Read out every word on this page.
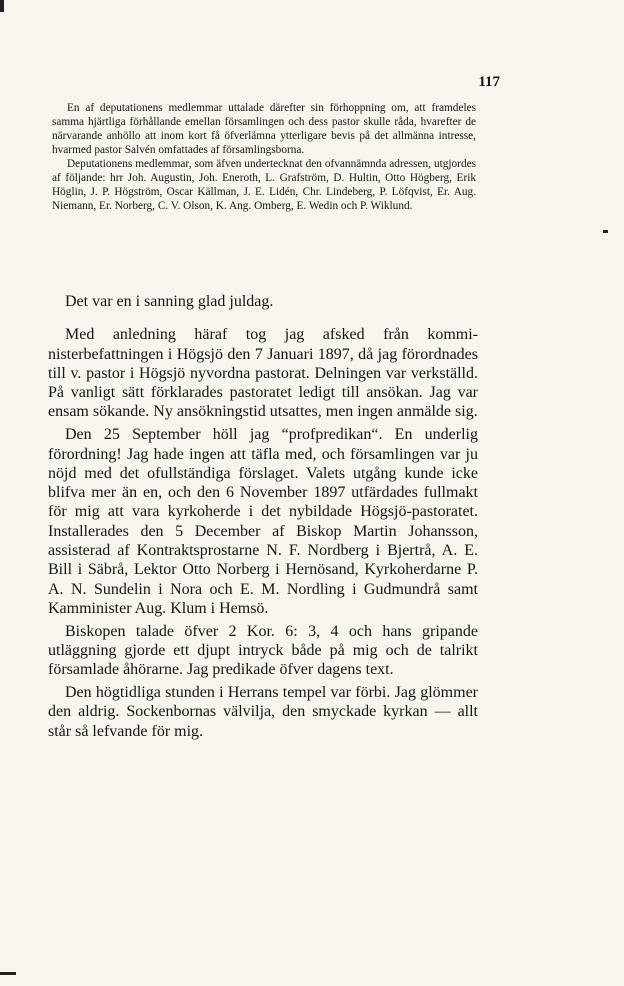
117

En af deputationens medlemmar uttalade därefter sin förhoppning om, att framdeles samma hjärtliga förhållande emellan församlingen och dess pastor skulle råda, hvarefter de närvarande anhöllo att inom kort få öfverlämna ytterligare bevis på det allmänna intresse, hvarmed pastor Salvén omfattades af församlingsborna.

Deputationens medlemmar, som äfven undertecknat den ofvannämnda adressen, utgjordes af följande: hrr Joh. Augustin, Joh. Eneroth, L. Grafström, D. Hultin, Otto Högberg, Erik Höglin, J. P. Högström, Oscar Källman, J. E. Lidén, Chr. Lindeberg, P. Löfqvist, Er. Aug. Niemann, Er. Norberg, C. V. Olson, K. Ang. Omberg, E. Wedin och P. Wiklund.

Det var en i sanning glad juldag.

Med anledning häraf tog jag afsked från komministerbefattningen i Högsjö den 7 Januari 1897, då jag förordnades till v. pastor i Högsjö nyvordna pastorat. Delningen var verkställd. På vanligt sätt förklarades pastoratet ledigt till ansökan. Jag var ensam sökande. Ny ansökningstid utsattes, men ingen anmälde sig.

Den 25 September höll jag “profpredikan“. En underlig förordning! Jag hade ingen att täfla med, och församlingen var ju nöjd med det ofullständiga förslaget. Valets utgång kunde icke blifva mer än en, och den 6 November 1897 utfärdades fullmakt för mig att vara kyrkoherde i det nybildade Högsjö-pastoratet. Installerades den 5 December af Biskop Martin Johansson, assisterad af Kontraktsprostarne N. F. Nordberg i Bjertrå, A. E. Bill i Säbrå, Lektor Otto Norberg i Hernösand, Kyrkoherdarne P. A. N. Sundelin i Nora och E. M. Nordling i Gudmundrå samt Kamminister Aug. Klum i Hemsö.

Biskopen talade öfver 2 Kor. 6: 3, 4 och hans gripande utläggning gjorde ett djupt intryck både på mig och de talrikt församlade åhörarne. Jag predikade öfver dagens text.

Den högtidliga stunden i Herrans tempel var förbi. Jag glömmer den aldrig. Sockenbornas välvilja, den smyckade kyrkan — allt står så lefvande för mig.
